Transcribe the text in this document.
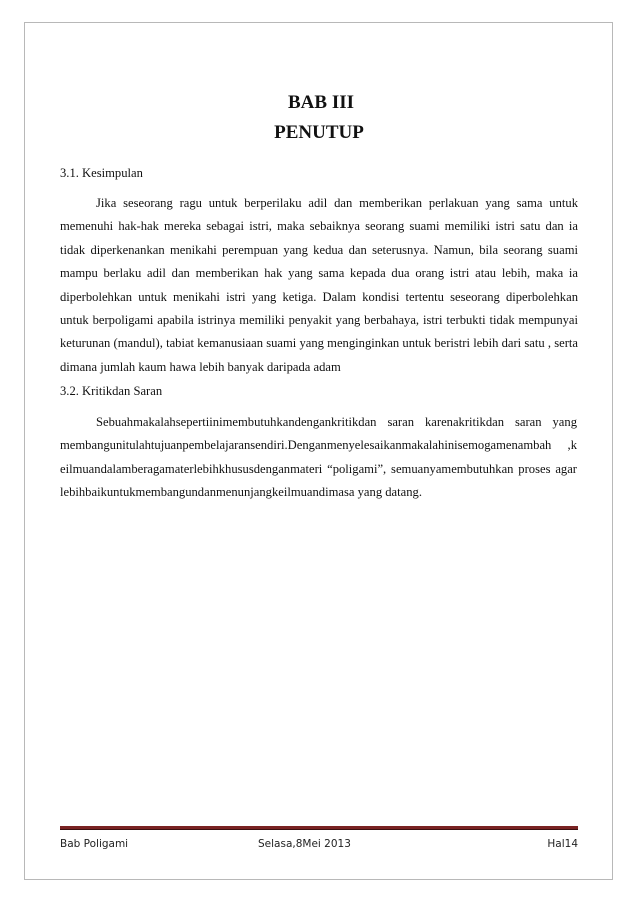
BAB III
PENUTUP
3.1. Kesimpulan
Jika seseorang ragu untuk berperilaku adil dan memberikan perlakuan yang sama untuk memenuhi hak-hak mereka sebagai istri, maka sebaiknya seorang suami memiliki istri satu dan ia tidak diperkenankan menikahi perempuan yang kedua dan seterusnya. Namun, bila seorang suami mampu berlaku adil dan memberikan hak yang sama kepada dua orang istri atau lebih, maka ia diperbolehkan untuk menikahi istri yang ketiga. Dalam kondisi tertentu seseorang diperbolehkan untuk berpoligami apabila istrinya memiliki penyakit yang berbahaya, istri terbukti tidak mempunyai keturunan (mandul), tabiat kemanusiaan suami yang menginginkan untuk beristri lebih dari satu , serta dimana jumlah kaum hawa lebih banyak daripada adam
3.2. Kritikdan Saran
Sebuahmakalahsepertiinimembutuhkandengankritikdan saran karenakritikdan saran yang membangunitulahtujuanpembelajaransendiri.Denganmenyelesaikanmakalahinisemogamenambah ,k eilmuandalamberagamaterlebihkhususdenganmateri “poligami”, semuanyamembutuhkan proses agar lebihbaikuntukmembangundanmenunjangkeilmuandimasa yang datang.
Bab Poligami	Selasa,8Mei 2013	Hal14
